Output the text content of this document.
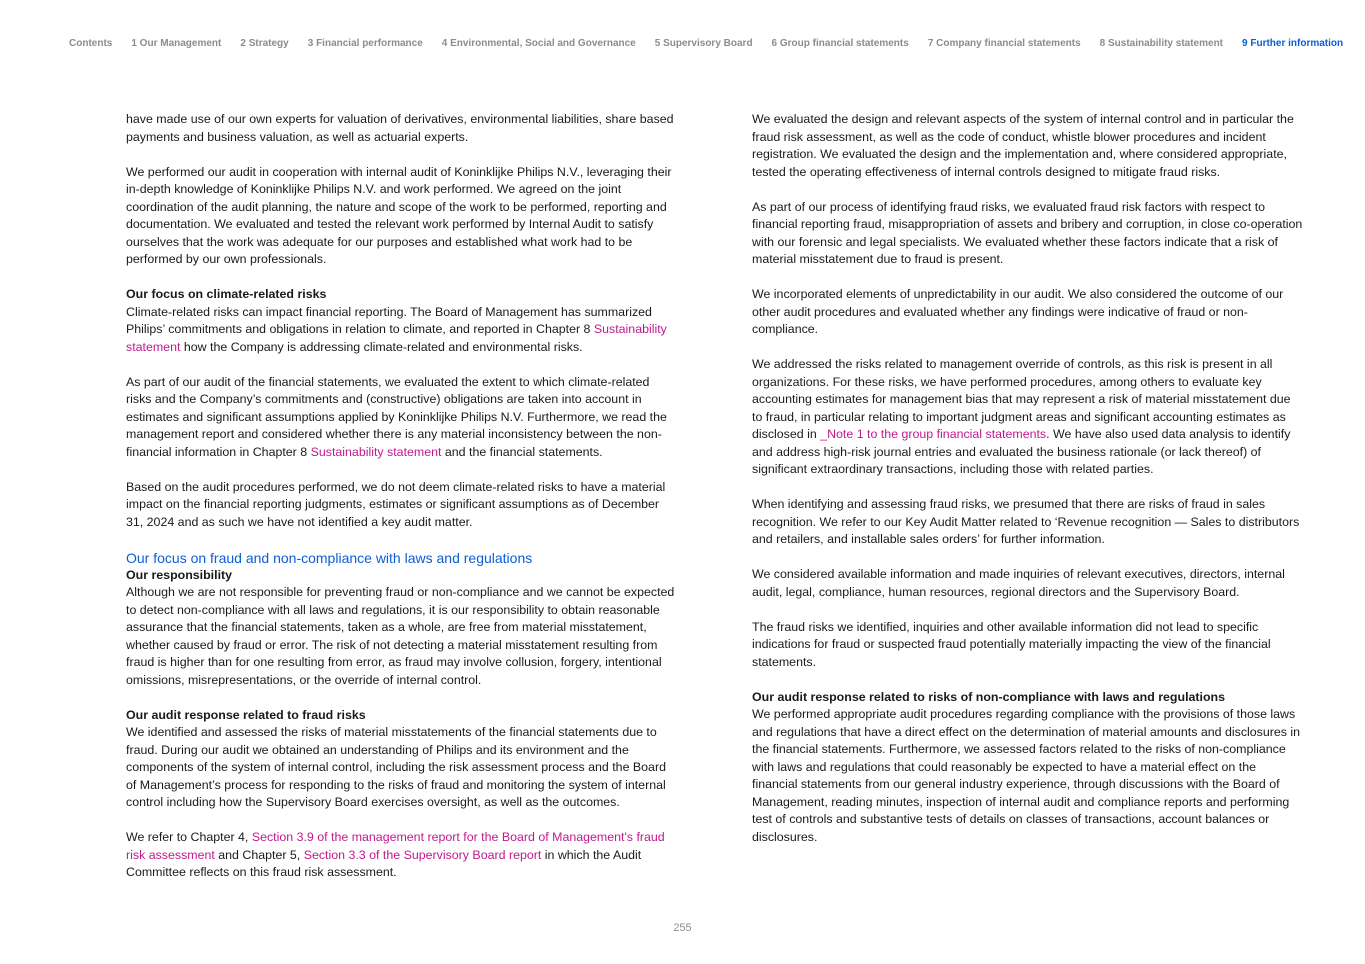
Contents 1 Our Management 2 Strategy 3 Financial performance 4 Environmental, Social and Governance 5 Supervisory Board 6 Group financial statements 7 Company financial statements 8 Sustainability statement 9 Further information

have made use of our own experts for valuation of derivatives, environmental liabilities, share based payments and business valuation, as well as actuarial experts.

We performed our audit in cooperation with internal audit of Koninklijke Philips N.V., leveraging their in-depth knowledge of Koninklijke Philips N.V. and work performed. We agreed on the joint coordination of the audit planning, the nature and scope of the work to be performed, reporting and documentation. We evaluated and tested the relevant work performed by Internal Audit to satisfy ourselves that the work was adequate for our purposes and established what work had to be performed by our own professionals.

Our focus on climate-related risks

Climate-related risks can impact financial reporting. The Board of Management has summarized Philips’ commitments and obligations in relation to climate, and reported in Chapter 8 Sustainability statement how the Company is addressing climate-related and environmental risks.

As part of our audit of the financial statements, we evaluated the extent to which climate-related risks and the Company’s commitments and (constructive) obligations are taken into account in estimates and significant assumptions applied by Koninklijke Philips N.V. Furthermore, we read the management report and considered whether there is any material inconsistency between the non-financial information in Chapter 8 Sustainability statement and the financial statements.

Based on the audit procedures performed, we do not deem climate-related risks to have a material impact on the financial reporting judgments, estimates or significant assumptions as of December 31, 2024 and as such we have not identified a key audit matter.

Our focus on fraud and non-compliance with laws and regulations
Our responsibility

Although we are not responsible for preventing fraud or non-compliance and we cannot be expected to detect non-compliance with all laws and regulations, it is our responsibility to obtain reasonable assurance that the financial statements, taken as a whole, are free from material misstatement, whether caused by fraud or error. The risk of not detecting a material misstatement resulting from fraud is higher than for one resulting from error, as fraud may involve collusion, forgery, intentional omissions, misrepresentations, or the override of internal control.

Our audit response related to fraud risks

We identified and assessed the risks of material misstatements of the financial statements due to fraud. During our audit we obtained an understanding of Philips and its environment and the components of the system of internal control, including the risk assessment process and the Board of Management’s process for responding to the risks of fraud and monitoring the system of internal control including how the Supervisory Board exercises oversight, as well as the outcomes.

We refer to Chapter 4, Section 3.9 of the management report for the Board of Management's fraud risk assessment and Chapter 5, Section 3.3 of the Supervisory Board report in which the Audit Committee reflects on this fraud risk assessment.

We evaluated the design and relevant aspects of the system of internal control and in particular the fraud risk assessment, as well as the code of conduct, whistle blower procedures and incident registration. We evaluated the design and the implementation and, where considered appropriate, tested the operating effectiveness of internal controls designed to mitigate fraud risks.

As part of our process of identifying fraud risks, we evaluated fraud risk factors with respect to financial reporting fraud, misappropriation of assets and bribery and corruption, in close co-operation with our forensic and legal specialists. We evaluated whether these factors indicate that a risk of material misstatement due to fraud is present.

We incorporated elements of unpredictability in our audit. We also considered the outcome of our other audit procedures and evaluated whether any findings were indicative of fraud or non-compliance.

We addressed the risks related to management override of controls, as this risk is present in all organizations. For these risks, we have performed procedures, among others to evaluate key accounting estimates for management bias that may represent a risk of material misstatement due to fraud, in particular relating to important judgment areas and significant accounting estimates as disclosed in _Note 1 to the group financial statements. We have also used data analysis to identify and address high-risk journal entries and evaluated the business rationale (or lack thereof) of significant extraordinary transactions, including those with related parties.

When identifying and assessing fraud risks, we presumed that there are risks of fraud in sales recognition. We refer to our Key Audit Matter related to ‘Revenue recognition — Sales to distributors and retailers, and installable sales orders’ for further information.

We considered available information and made inquiries of relevant executives, directors, internal audit, legal, compliance, human resources, regional directors and the Supervisory Board.

The fraud risks we identified, inquiries and other available information did not lead to specific indications for fraud or suspected fraud potentially materially impacting the view of the financial statements.

Our audit response related to risks of non-compliance with laws and regulations

We performed appropriate audit procedures regarding compliance with the provisions of those laws and regulations that have a direct effect on the determination of material amounts and disclosures in the financial statements. Furthermore, we assessed factors related to the risks of non-compliance with laws and regulations that could reasonably be expected to have a material effect on the financial statements from our general industry experience, through discussions with the Board of Management, reading minutes, inspection of internal audit and compliance reports and performing test of controls and substantive tests of details on classes of transactions, account balances or disclosures.

255
